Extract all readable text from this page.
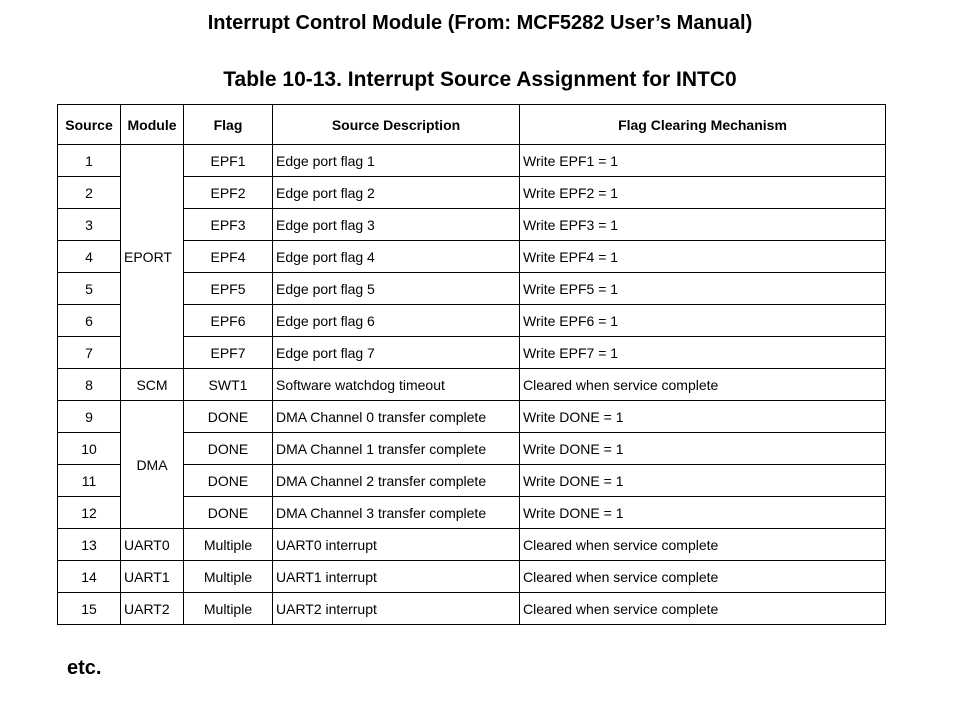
Interrupt Control Module (From: MCF5282 User’s Manual)
Table 10-13. Interrupt Source Assignment for INTC0
Source	Module	Flag	Source Description	Flag Clearing Mechanism
1	EPORT	EPF1	Edge port flag 1	Write EPF1 = 1
2		EPF2	Edge port flag 2	Write EPF2 = 1
3		EPF3	Edge port flag 3	Write EPF3 = 1
4		EPF4	Edge port flag 4	Write EPF4 = 1
5		EPF5	Edge port flag 5	Write EPF5 = 1
6		EPF6	Edge port flag 6	Write EPF6 = 1
7		EPF7	Edge port flag 7	Write EPF7 = 1
8	SCM	SWT1	Software watchdog timeout	Cleared when service complete
9	DMA	DONE	DMA Channel 0 transfer complete	Write DONE = 1
10		DONE	DMA Channel 1 transfer complete	Write DONE = 1
11		DONE	DMA Channel 2 transfer complete	Write DONE = 1
12		DONE	DMA Channel 3 transfer complete	Write DONE = 1
13	UART0	Multiple	UART0 interrupt	Cleared when service complete
14	UART1	Multiple	UART1 interrupt	Cleared when service complete
15	UART2	Multiple	UART2 interrupt	Cleared when service complete
etc.
